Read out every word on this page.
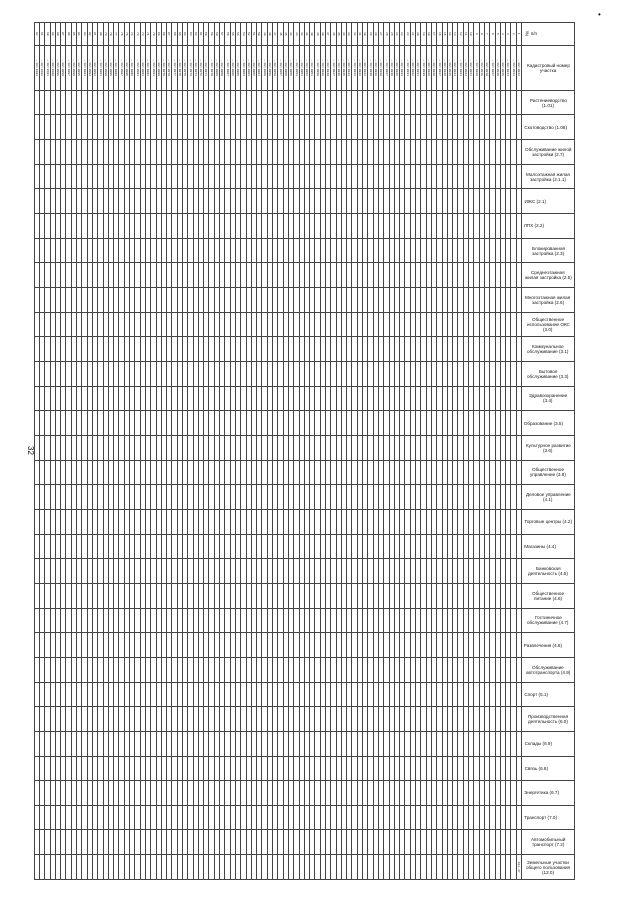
32
•
№ п/п	Кадастровый номер участка	Растениеводство (1.01)	Скотоводство (1.08)	Обслуживание жилой застройки (2.7)	Малоэтажная жилая застройка (2.1.1)	ИЖС (2.1)	ЛПХ (2.2)	Блокированная застройка (2.3)	Среднеэтажная жилая застройка (2.5)	Многоэтажная жилая застройка (2.6)	Общественное использование ОКС (3.0)	Коммунальное обслуживание (3.1)	Бытовое обслуживание (3.3)	Здравоохранение (3.4)	Образование (3.5)	Культурное развитие (3.6)	Общественное управление (3.8)	Деловое управление (4.1)	Торговые центры (4.2)	Магазины (4.4)	Банковская деятельность (4.5)	Общественное питание (4.6)	Гостиничное обслуживание (4.7)	Развлечения (4.8)	Обслуживание автотранспорта (4.9)	Спорт (5.1)	Производственная деятельность (6.0)	Склады (6.9)	Связь (6.8)	Энергетика (6.7)	Транспорт (7.0)	Автомобильный транспорт (7.2)	Земельные участки общего пользования (12.0)
1	…:02:0012																																181.37
2	…:02:0013																																
3	…:02:0014																																
4	…:02:0015																																
5	…:02:0016																																
6	…:02:0017																																
7	…:02:0018																																
8	…:02:0019																																
9	…:02:0020																																
10	…:02:0021																																
11	…:02:0022																																
12	…:02:0023																																
13	…:02:0024																																
14	…:02:0025																																
15	…:02:0026																																
16	…:02:0027																																
17	…:02:0028																																
18	…:02:0029																																
19	…:02:0030																																
20	…:02:0031																																
21	…:02:0032																																
22	…:02:0033																																
23	…:02:0034																																
24	…:02:0035																																
25	…:02:0036																																
26	…:02:0037																																
27	…:02:0038																																
28	…:02:0039																																
29	…:02:0040																																
30	…:02:0041																																
31	…:02:0042																																
32	…:02:0043																																
33	…:02:0044																																
34	…:02:0045																																
35	…:02:0046																																
36	…:02:0047																																
37	…:02:0048																																
38	…:02:0049																																
39	…:02:0050																																
40	…:02:0051																																
41	…:02:0052																																
42	…:02:0053																																
43	…:02:0054																																
44	…:02:0055																																
45	…:02:0056																																
46	…:02:0057																																
47	…:02:0058																																
48	…:02:0059																																
49	…:02:0060																																
50	…:02:0061																																
51	…:02:0062																																
52	…:02:0063																																
53	…:02:0064																																
54	…:02:0065																																
55	…:02:0066																																
56	…:02:0067																																
57	…:02:0068																																
58	…:02:0069																																
59	…:02:0070																																
60	…:02:0071																																
61	…:02:0072																																
62	…:02:0073																																
63	…:02:0074																																
64	…:02:0075																																
65	…:02:0076																																
66	…:02:0077																																
67	…:02:0078																																
68	…:02:0079																																
69	…:02:0080																																
70	…:02:0081																																
71	…:02:0082																																
72	…:02:0083																																
73	…:02:0084																																
74	…:02:0085																																
75	…:02:0086																																
76	…:02:0087																																
77	…:02:0088																																
78	…:02:0089																																
79	…:02:0090																																
80	…:02:0091																																
81	…:02:0092																																
82	…:02:0093																																
83	…:02:0094																																
84	…:02:0095																																
85	…:02:0096																																
86	…:02:0097																																
87	…:02:0098																																
88	…:02:0099																																
89	…:02:0100																																
90	…:02:0101																																
91	…:02:0102																																
92	…:02:0103																																
